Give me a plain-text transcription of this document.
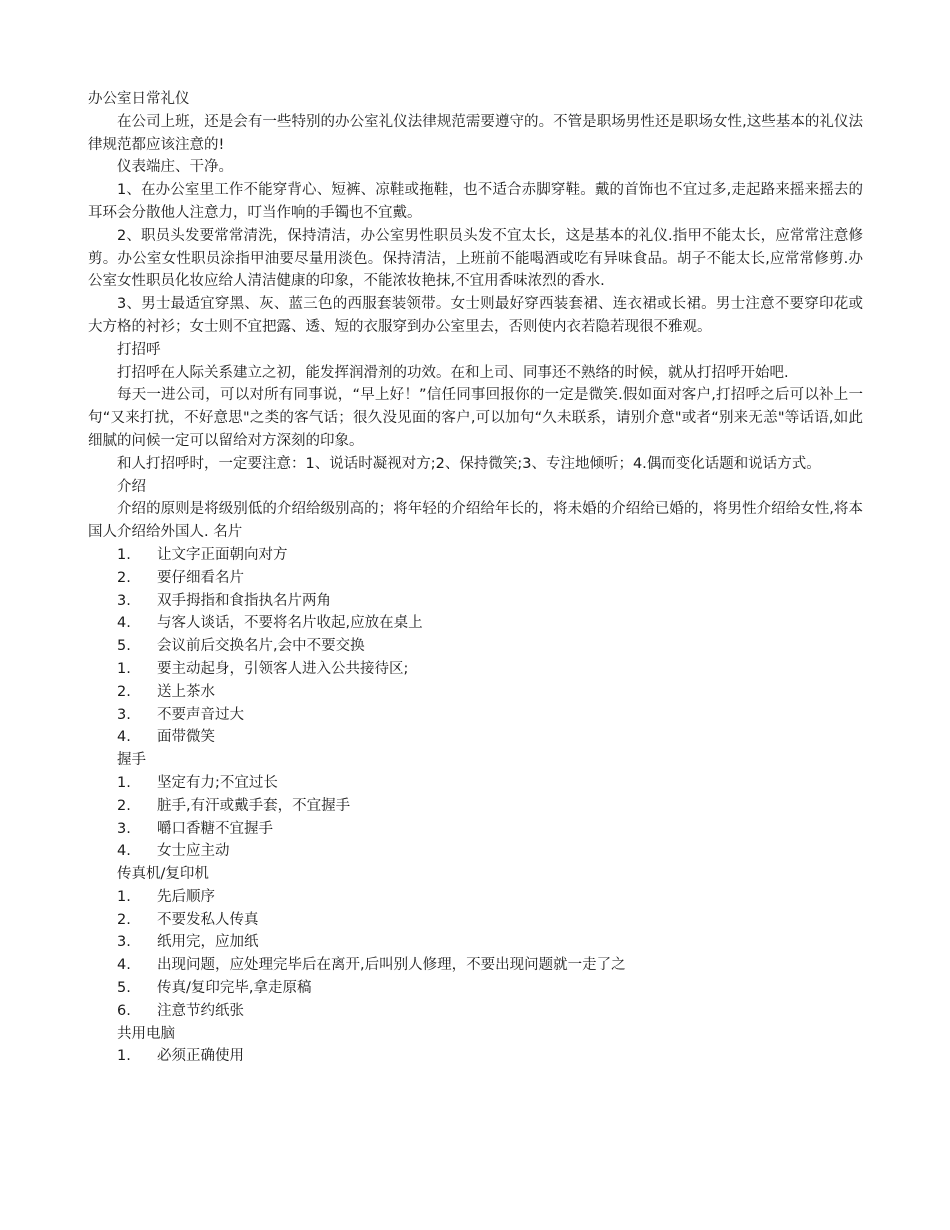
办公室日常礼仪

在公司上班，还是会有一些特别的办公室礼仪法律规范需要遵守的。不管是职场男性还是职场女性,这些基本的礼仪法律规范都应该注意的!

仪表端庄、干净。

1、在办公室里工作不能穿背心、短裤、凉鞋或拖鞋，也不适合赤脚穿鞋。戴的首饰也不宜过多,走起路来摇来摇去的耳环会分散他人注意力，叮当作响的手镯也不宜戴。

2、职员头发要常常清洗，保持清洁，办公室男性职员头发不宜太长，这是基本的礼仪.指甲不能太长，应常常注意修剪。办公室女性职员涂指甲油要尽量用淡色。保持清洁，上班前不能喝酒或吃有异味食品。胡子不能太长,应常常修剪.办公室女性职员化妆应给人清洁健康的印象，不能浓妆艳抹,不宜用香味浓烈的香水.

3、男士最适宜穿黑、灰、蓝三色的西服套装领带。女士则最好穿西装套裙、连衣裙或长裙。男士注意不要穿印花或大方格的衬衫；女士则不宜把露、透、短的衣服穿到办公室里去，否则使内衣若隐若现很不雅观。

打招呼

打招呼在人际关系建立之初，能发挥润滑剂的功效。在和上司、同事还不熟络的时候，就从打招呼开始吧.

每天一进公司，可以对所有同事说，“早上好！”信任同事回报你的一定是微笑.假如面对客户,打招呼之后可以补上一句“又来打扰，不好意思"之类的客气话；很久没见面的客户,可以加句“久未联系，请别介意"或者“别来无恙"等话语,如此细腻的问候一定可以留给对方深刻的印象。

和人打招呼时，一定要注意：1、说话时凝视对方;2、保持微笑;3、专注地倾听；4.偶而变化话题和说话方式。

介绍

介绍的原则是将级别低的介绍给级别高的；将年轻的介绍给年长的，将未婚的介绍给已婚的，将男性介绍给女性,将本国人介绍给外国人. 名片

1.	让文字正面朝向对方
2.	要仔细看名片
3.	双手拇指和食指执名片两角
4.	与客人谈话，不要将名片收起,应放在桌上
5.	会议前后交换名片,会中不要交换
1.	要主动起身，引领客人进入公共接待区;
2.	送上茶水
3.	不要声音过大
4.	面带微笑
握手
1.	坚定有力;不宜过长
2.	脏手,有汗或戴手套，不宜握手
3.	嚼口香糖不宜握手
4.	女士应主动
传真机/复印机
1.	先后顺序
2.	不要发私人传真
3.	纸用完，应加纸
4.	出现问题，应处理完毕后在离开,后叫别人修理，不要出现问题就一走了之
5.	传真/复印完毕,拿走原稿
6.	注意节约纸张
共用电脑
1.	必须正确使用
